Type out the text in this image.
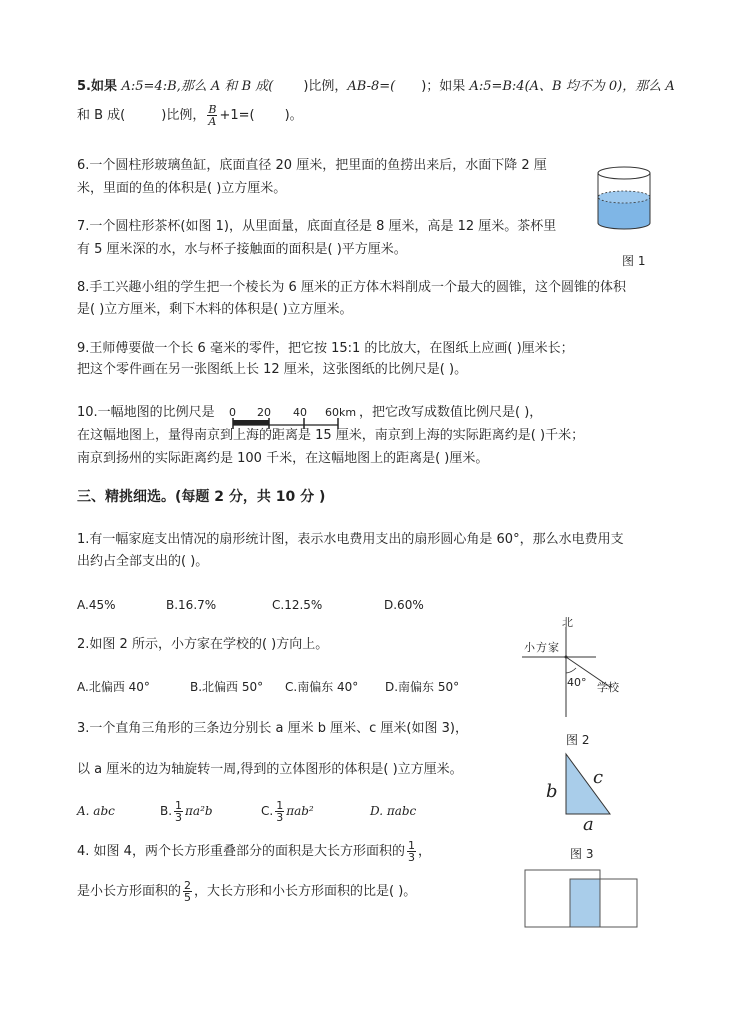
5.如果 A:5=4:B,那么 A 和 B 成( )比例，AB-8=( )；如果 A:5=B:4(A、B 均不为 0)，那么 A
和 B 成(	)比例， $\frac{B}{A} +1=$( )。
6.一个圆柱形玻璃鱼缸，底面直径 20 厘米，把里面的鱼捞出来后，水面下降 2 厘
米，里面的鱼的体积是( )立方厘米。
图 1
7.一个圆柱形茶杯(如图 1)，从里面量，底面直径是 8 厘米，高是 12 厘米。茶杯里
有 5 厘米深的水，水与杯子接触面的面积是( )平方厘米。
8.手工兴趣小组的学生把一个棱长为 6 厘米的正方体木料削成一个最大的圆锥，这个圆锥的体积
是( )立方厘米，剩下木料的体积是( )立方厘米。
9.王师傅要做一个长 6 毫米的零件，把它按 15:1 的比放大，在图纸上应画( )厘米长；
把这个零件画在另一张图纸上长 12 厘米，这张图纸的比例尺是( )。
10.一幅地图的比例尺是 0 20 40 60km ，把它改写成数值比例尺是( )，
在这幅地图上，量得南京到上海的距离是 15 厘米，南京到上海的实际距离约是( )千米；
南京到扬州的实际距离约是 100 千米，在这幅地图上的距离是( )厘米。
三、精挑细选。(每题 2 分，共 10 分 )
1.有一幅家庭支出情况的扇形统计图，表示水电费用支出的扇形圆心角是 60°，那么水电费用支
出约占全部支出的( )。
A.45%	B.16.7%	C.12.5%	D.60%
2.如图 2 所示，小方家在学校的( )方向上。
A.北偏西 40°	B.北偏西 50° C.南偏东 40° D.南偏东 50°
北
小方家
40° 学校
图 2
3.一个直角三角形的三条边分别长 a 厘米 b 厘米、c 厘米(如图 3)，
以 a 厘米的边为轴旋转一周,得到的立体图形的体积是( )立方厘米。
A. abc	B. $\frac{1}{3} \pi a^2b$	C. $\frac{1}{3} \pi ab^2$	D. πabc
b
c
a
图 3
4. 如图 4，两个长方形重叠部分的面积是大长方形面积的 $\frac{1}{3}$ ，
是小长方形面积的 $\frac{2}{5}$ ，大长方形和小长方形面积的比是( )。
